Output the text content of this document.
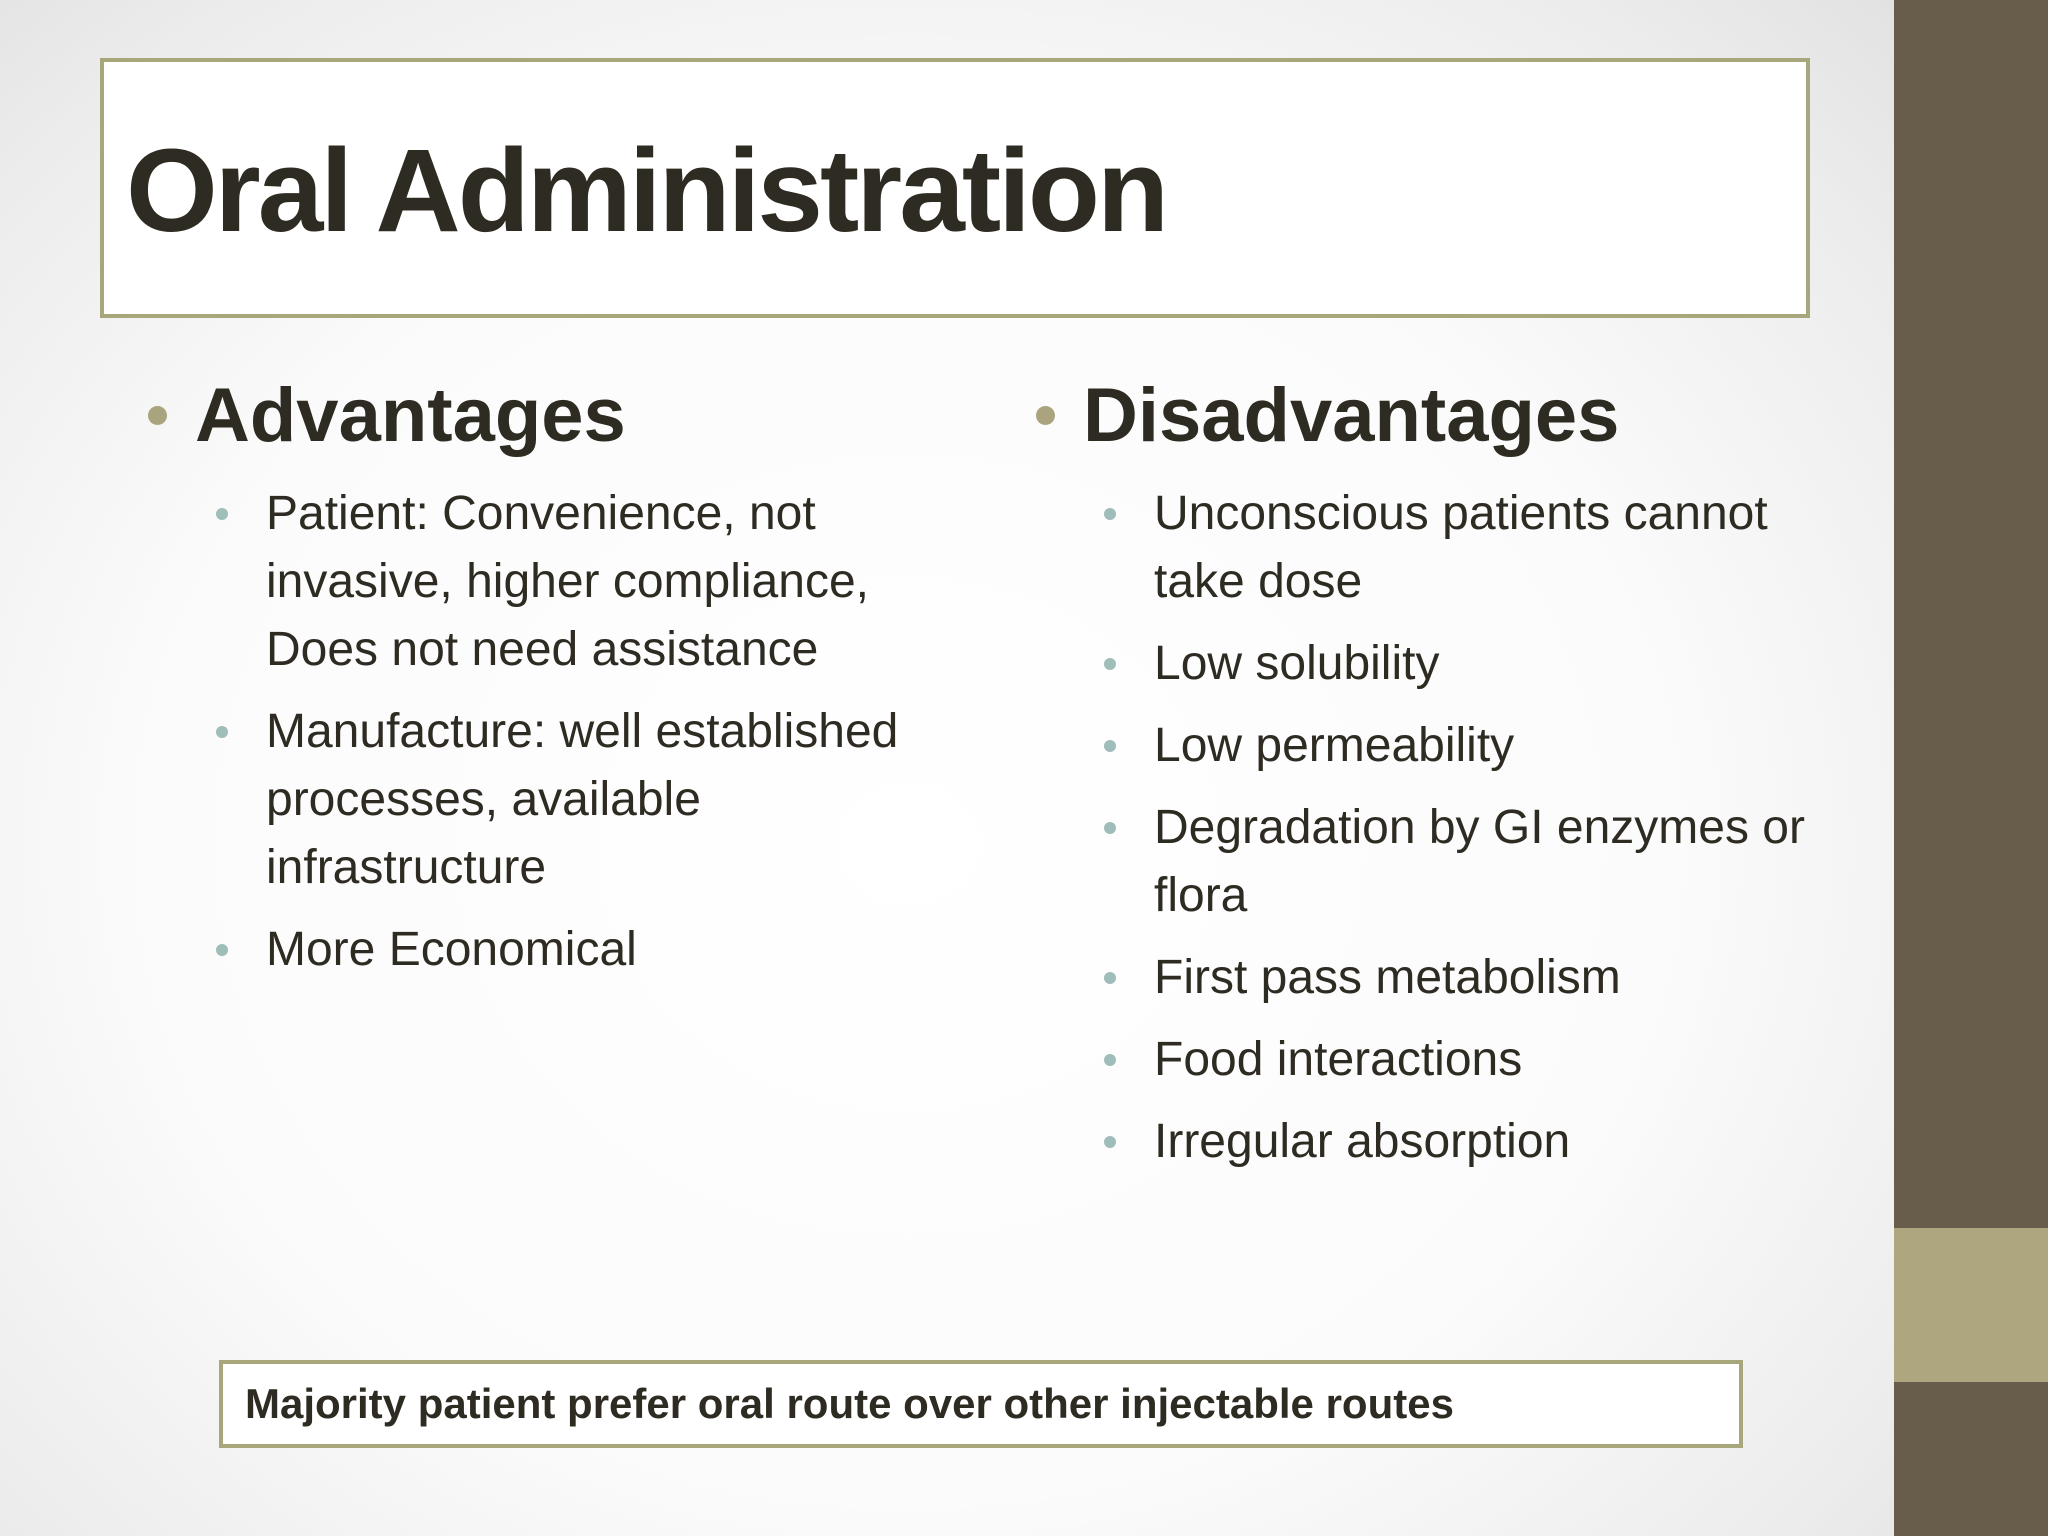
Oral Administration
Advantages
Patient: Convenience, not invasive, higher compliance, Does not need assistance
Manufacture: well established processes, available infrastructure
More Economical
Disadvantages
Unconscious patients cannot take dose
Low solubility
Low permeability
Degradation by GI enzymes or flora
First pass metabolism
Food interactions
Irregular absorption
Majority patient prefer oral route over other injectable routes
